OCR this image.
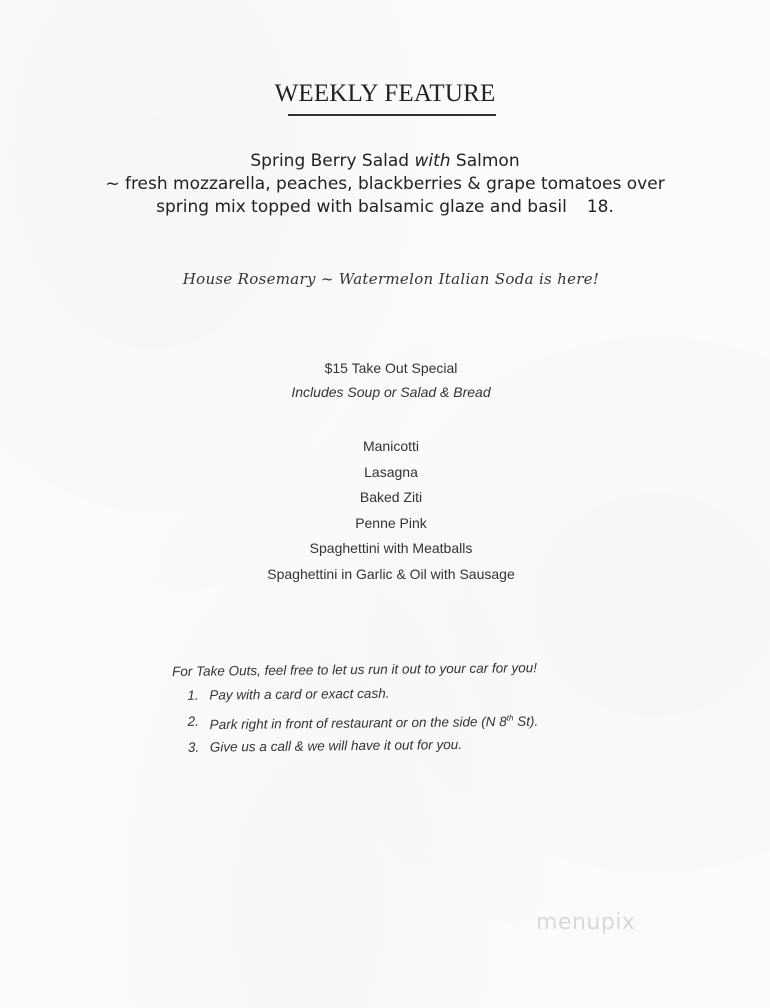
WEEKLY FEATURE
Spring Berry Salad with Salmon
~ fresh mozzarella, peaches, blackberries & grape tomatoes over
spring mix topped with balsamic glaze and basil 18.
House Rosemary ~ Watermelon Italian Soda is here!
$15 Take Out Special
Includes Soup or Salad & Bread
Manicotti
Lasagna
Baked Ziti
Penne Pink
Spaghettini with Meatballs
Spaghettini in Garlic & Oil with Sausage
For Take Outs, feel free to let us run it out to your car for you!
1. Pay with a card or exact cash.
2. Park right in front of restaurant or on the side (N 8th St).
3. Give us a call & we will have it out for you.
menupix
